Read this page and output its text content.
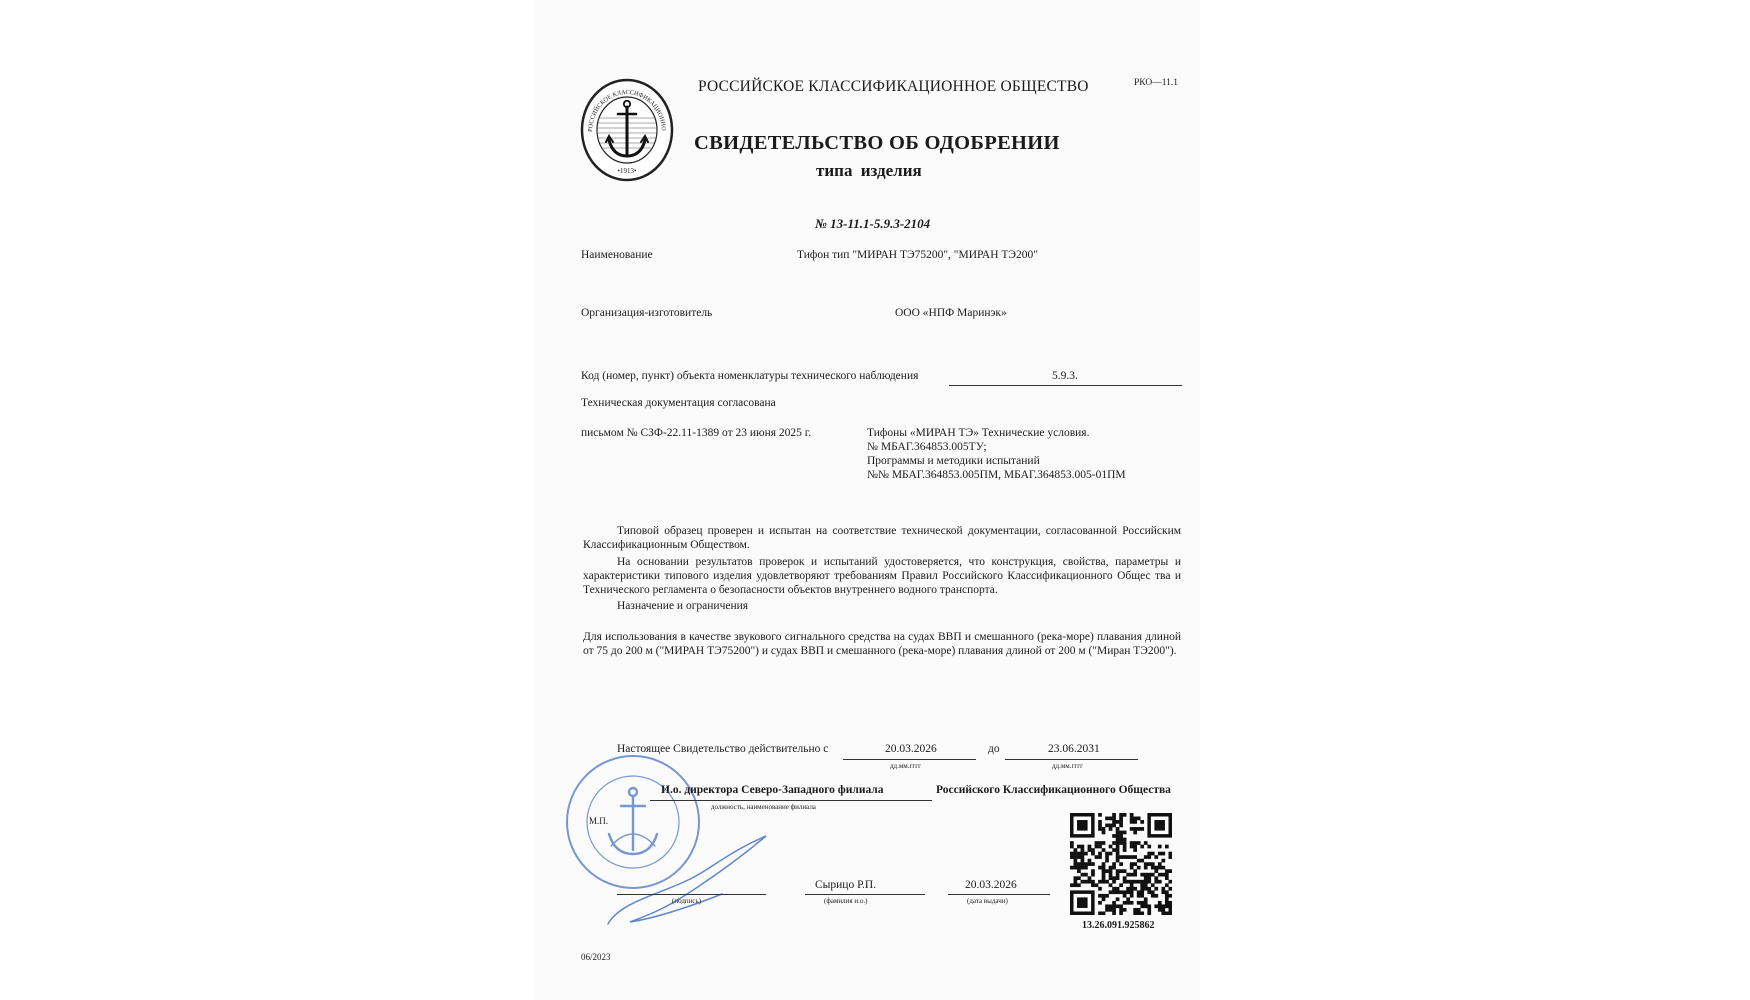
РОССИЙСКОЕ КЛАССИФИКАЦИОННО
•1913•
РОССИЙСКОЕ КЛАССИФИКАЦИОННОЕ ОБЩЕСТВО	РКО—11.1
СВИДЕТЕЛЬСТВО ОБ ОДОБРЕНИИ
типа изделия
№ 13-11.1-5.9.3-2104
Наименование	Тифон тип "МИРАН ТЭ75200", "МИРАН ТЭ200"
Организация-изготовитель	ООО «НПФ Маринэк»
Код (номер, пункт) объекта номенклатуры технического наблюдения	5.9.3.
Техническая документация согласована
письмом № СЗФ-22.11-1389 от 23 июня 2025 г.	Тифоны «МИРАН ТЭ» Технические условия.
№ МБАГ.364853.005ТУ;
Программы и методики испытаний
№№ МБАГ.364853.005ПМ, МБАГ.364853.005-01ПМ
Типовой образец проверен и испытан на соответствие технической документации, согласованной Российским Классификационным Обществом.
На основании результатов проверок и испытаний удостоверяется, что конструкция, свойства, параметры и характеристики типового изделия удовлетворяют требованиям Правил Российского Классификационного Общес тва и Технического регламента о безопасности объектов внутреннего водного транспорта.
Назначение и ограничения
Для использования в качестве звукового сигнального средства на судах ВВП и смешанного (река-море) плавания длиной от 75 до 200 м ("МИРАН ТЭ75200") и судах ВВП и смешанного (река-море) плавания длиной от 200 м ("Миран ТЭ200").
Настоящее Свидетельство действительно с	20.03.2026
дд.мм.гггг
до	23.06.2031
дд.мм.гггг
И.о. директора Северо-Западного филиала
должность, наименование филиала
Российского Классификационного Общества
М.П.
(подпись)
Сырицо Р.П.
(фамилия и.о.)
20.03.2026
(дата выдачи)
13.26.091.925862
06/2023
